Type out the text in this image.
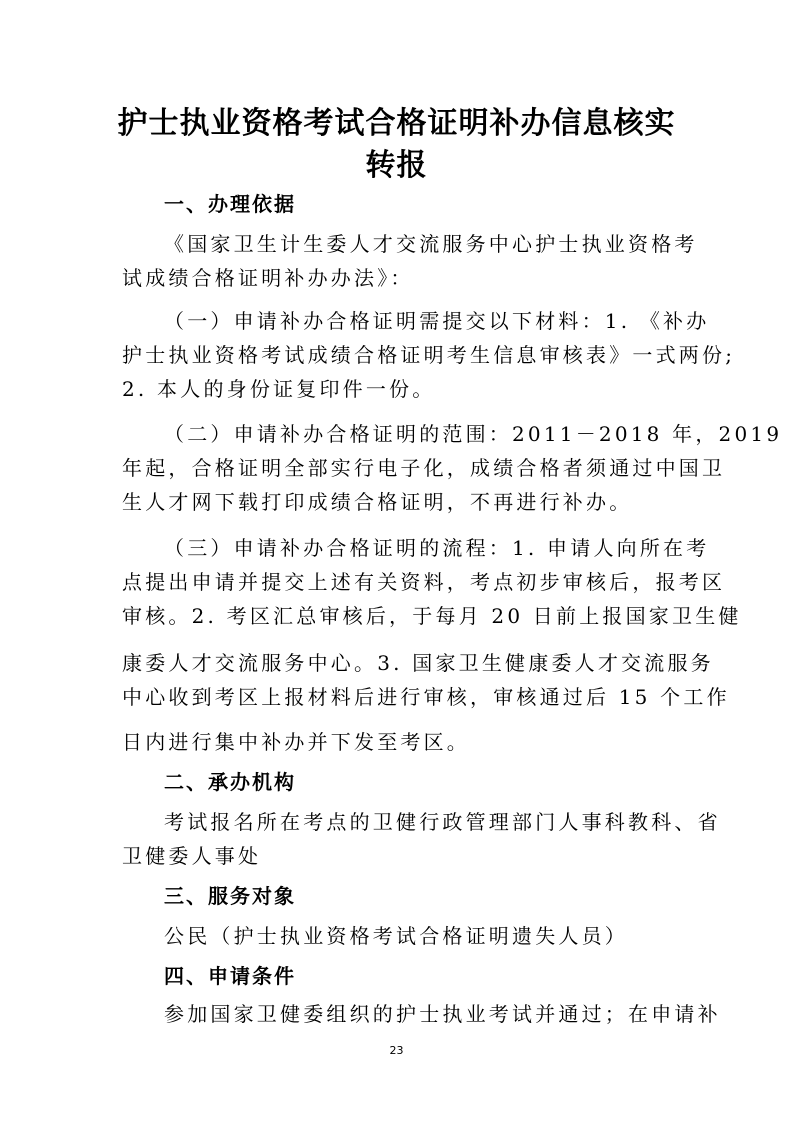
护士执业资格考试合格证明补办信息核实
转报
一、办理依据
《国家卫生计生委人才交流服务中心护士执业资格考
试成绩合格证明补办办法》：
（一）申请补办合格证明需提交以下材料：1. 《补办
护士执业资格考试成绩合格证明考生信息审核表》一式两份;
2. 本人的身份证复印件一份。
（二）申请补办合格证明的范围：2011－2018 年，2019
年起，合格证明全部实行电子化，成绩合格者须通过中国卫
生人才网下载打印成绩合格证明，不再进行补办。
（三）申请补办合格证明的流程：1. 申请人向所在考
点提出申请并提交上述有关资料，考点初步审核后，报考区
审核。2. 考区汇总审核后，于每月 20 日前上报国家卫生健
康委人才交流服务中心。3. 国家卫生健康委人才交流服务
中心收到考区上报材料后进行审核，审核通过后 15 个工作
日内进行集中补办并下发至考区。
二、承办机构
考试报名所在考点的卫健行政管理部门人事科教科、省
卫健委人事处
三、服务对象
公民（护士执业资格考试合格证明遗失人员）
四、申请条件
参加国家卫健委组织的护士执业考试并通过；在申请补
23
